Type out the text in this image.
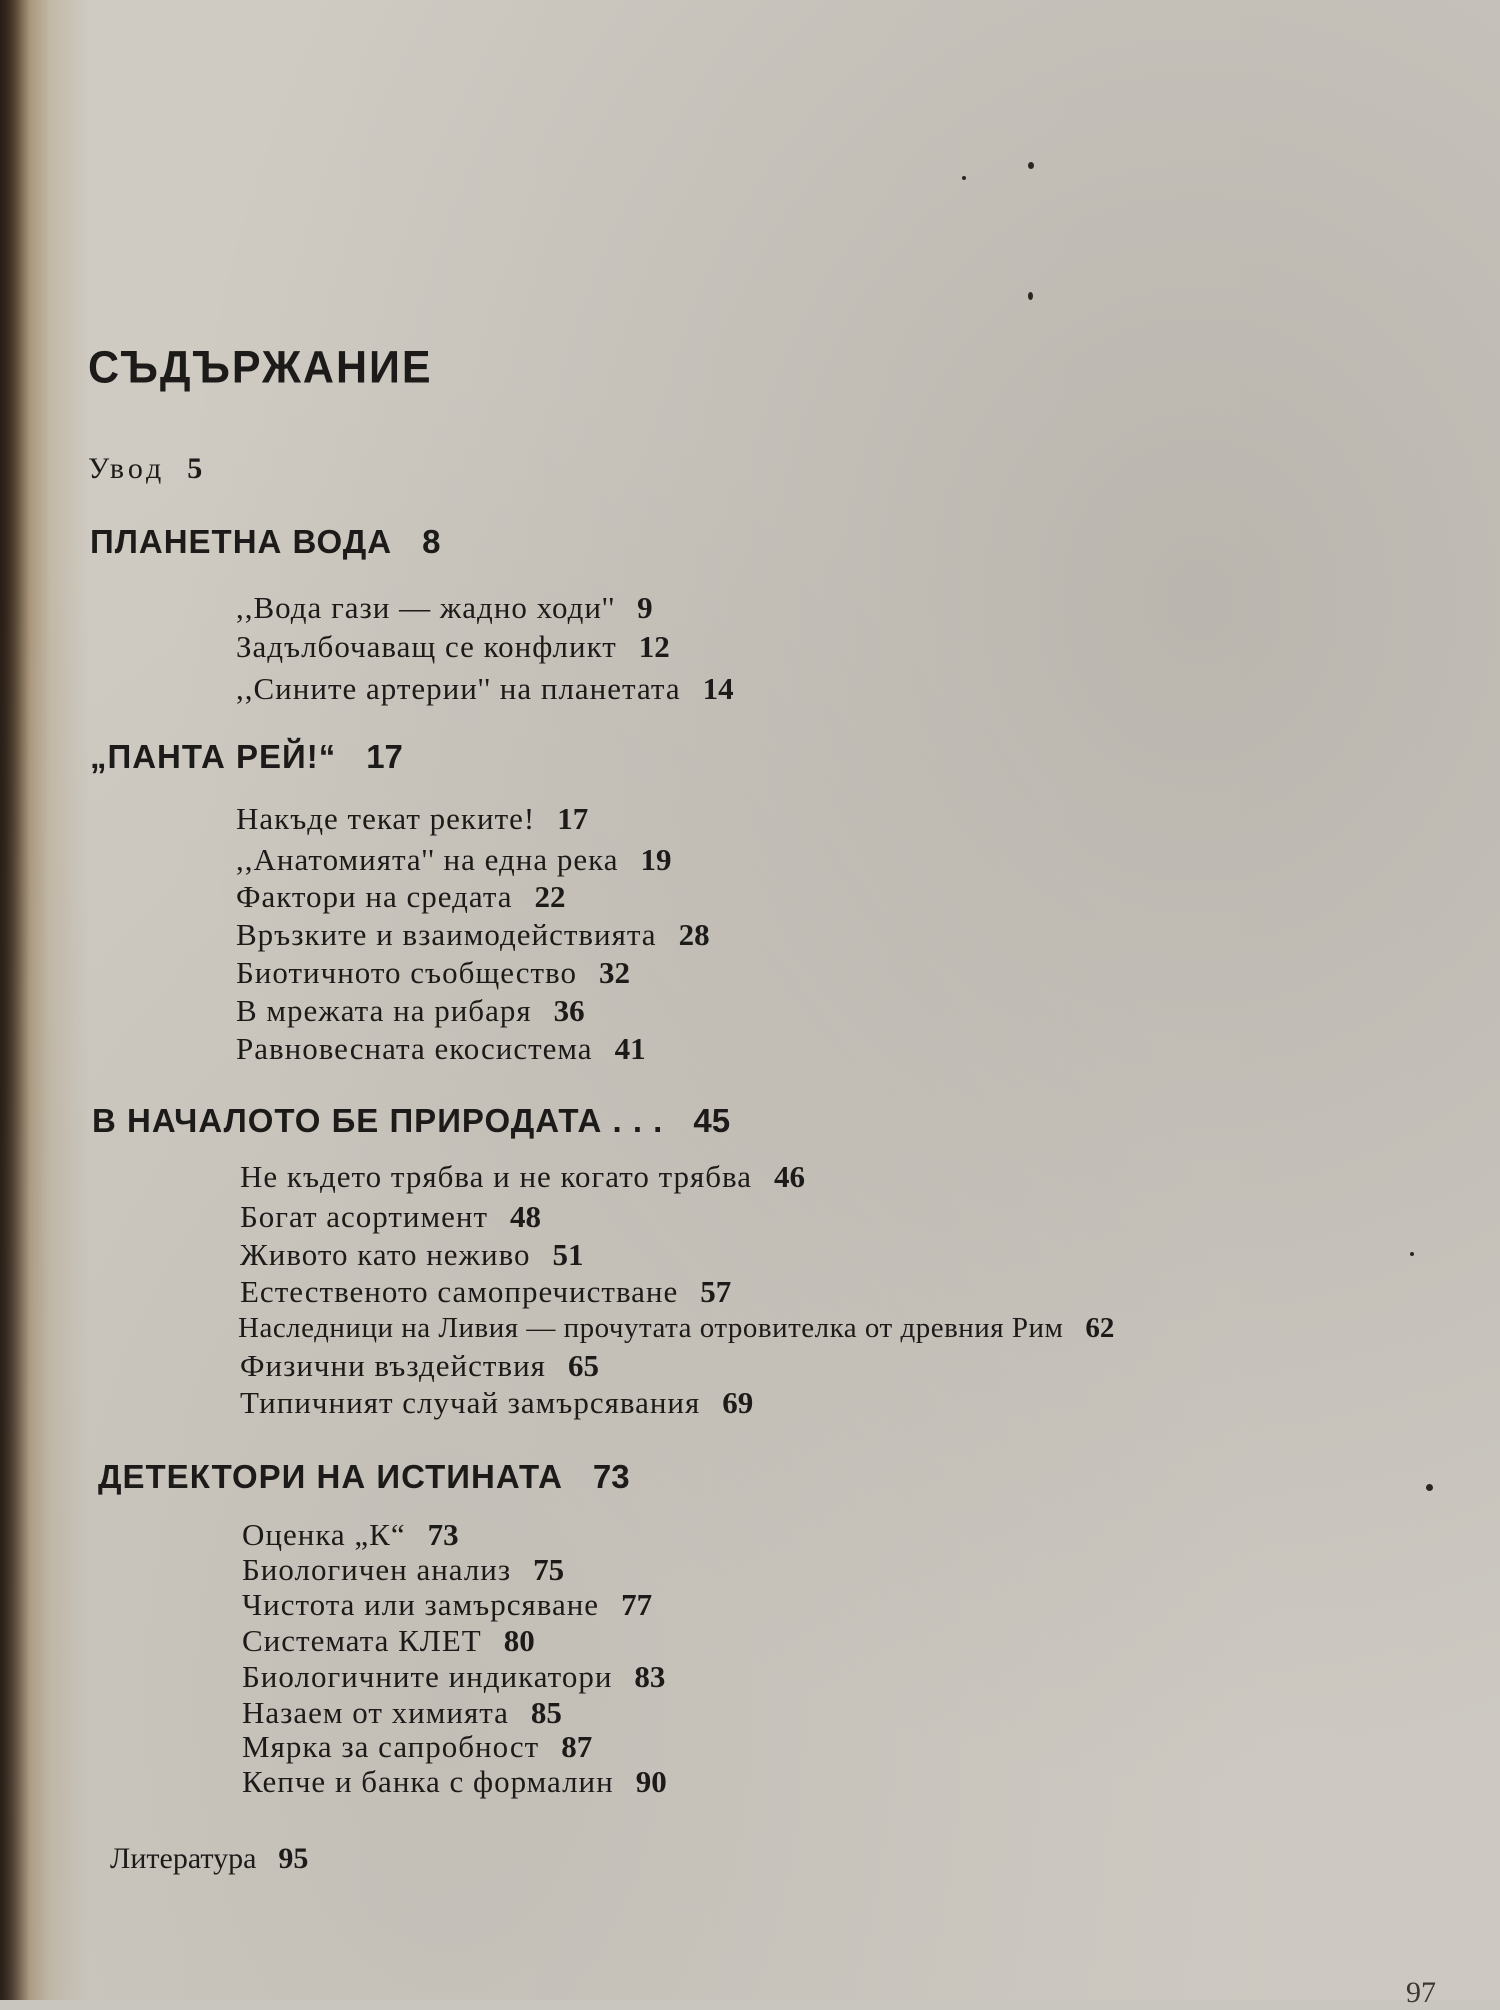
СЪДЪРЖАНИЕ
Увод 5
ПЛАНЕТНА ВОДА 8
,,Вода гази — жадно ходи'' 9
Задълбочаващ се конфликт 12
,,Сините артерии'' на планетата 14
„ПАНТА РЕЙ!“ 17
Накъде текат реките! 17
,,Анатомията'' на една река 19
Фактори на средата 22
Връзките и взаимодействията 28
Биотичното съобщество 32
В мрежата на рибаря 36
Равновесната екосистема 41
В НАЧАЛОТО БЕ ПРИРОДАТА . . . 45
Не където трябва и не когато трябва 46
Богат асортимент 48
Живото като неживо 51
Естественото самопречистване 57
Наследници на Ливия — прочутата отровителка от древния Рим 62
Физични въздействия 65
Типичният случай замърсявания 69
ДЕТЕКТОРИ НА ИСТИНАТА 73
Оценка „К“ 73
Биологичен анализ 75
Чистота или замърсяване 77
Системата КЛЕТ 80
Биологичните индикатори 83
Назаем от химията 85
Мярка за сапробност 87
Кепче и банка с формалин 90
Литература 95
97
